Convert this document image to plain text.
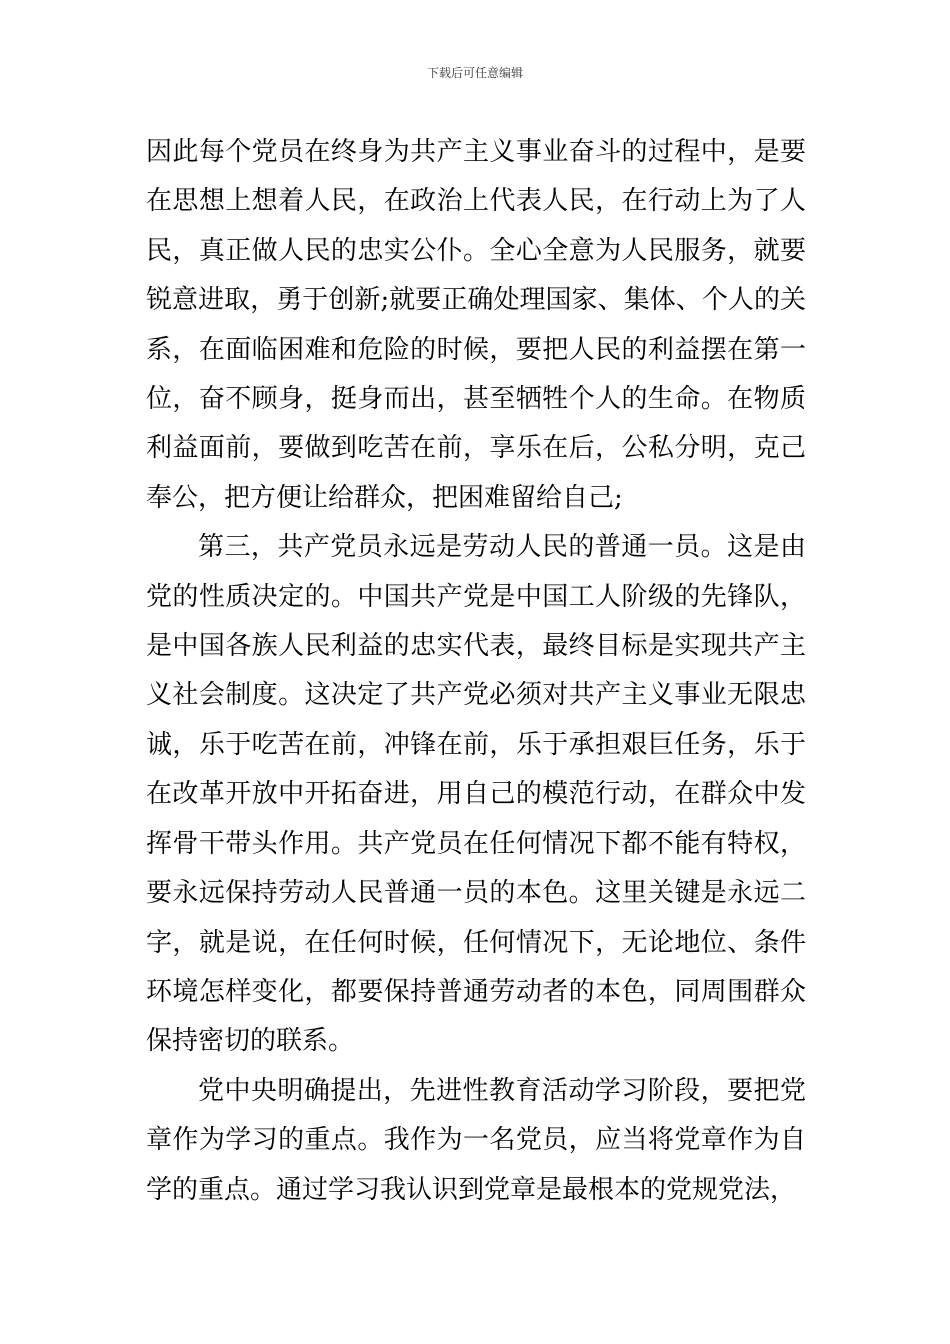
下载后可任意编辑

因此每个党员在终身为共产主义事业奋斗的过程中，是要在思想上想着人民，在政治上代表人民，在行动上为了人民，真正做人民的忠实公仆。全心全意为人民服务，就要锐意进取，勇于创新;就要正确处理国家、集体、个人的关系，在面临困难和危险的时候，要把人民的利益摆在第一位，奋不顾身，挺身而出，甚至牺牲个人的生命。在物质利益面前，要做到吃苦在前，享乐在后，公私分明，克己奉公，把方便让给群众，把困难留给自己;

第三，共产党员永远是劳动人民的普通一员。这是由党的性质决定的。中国共产党是中国工人阶级的先锋队，是中国各族人民利益的忠实代表，最终目标是实现共产主义社会制度。这决定了共产党必须对共产主义事业无限忠诚，乐于吃苦在前，冲锋在前，乐于承担艰巨任务，乐于在改革开放中开拓奋进，用自己的模范行动，在群众中发挥骨干带头作用。共产党员在任何情况下都不能有特权，要永远保持劳动人民普通一员的本色。这里关键是永远二字，就是说，在任何时候，任何情况下，无论地位、条件环境怎样变化，都要保持普通劳动者的本色，同周围群众保持密切的联系。

党中央明确提出，先进性教育活动学习阶段，要把党章作为学习的重点。我作为一名党员，应当将党章作为自学的重点。通过学习我认识到党章是最根本的党规党法，
